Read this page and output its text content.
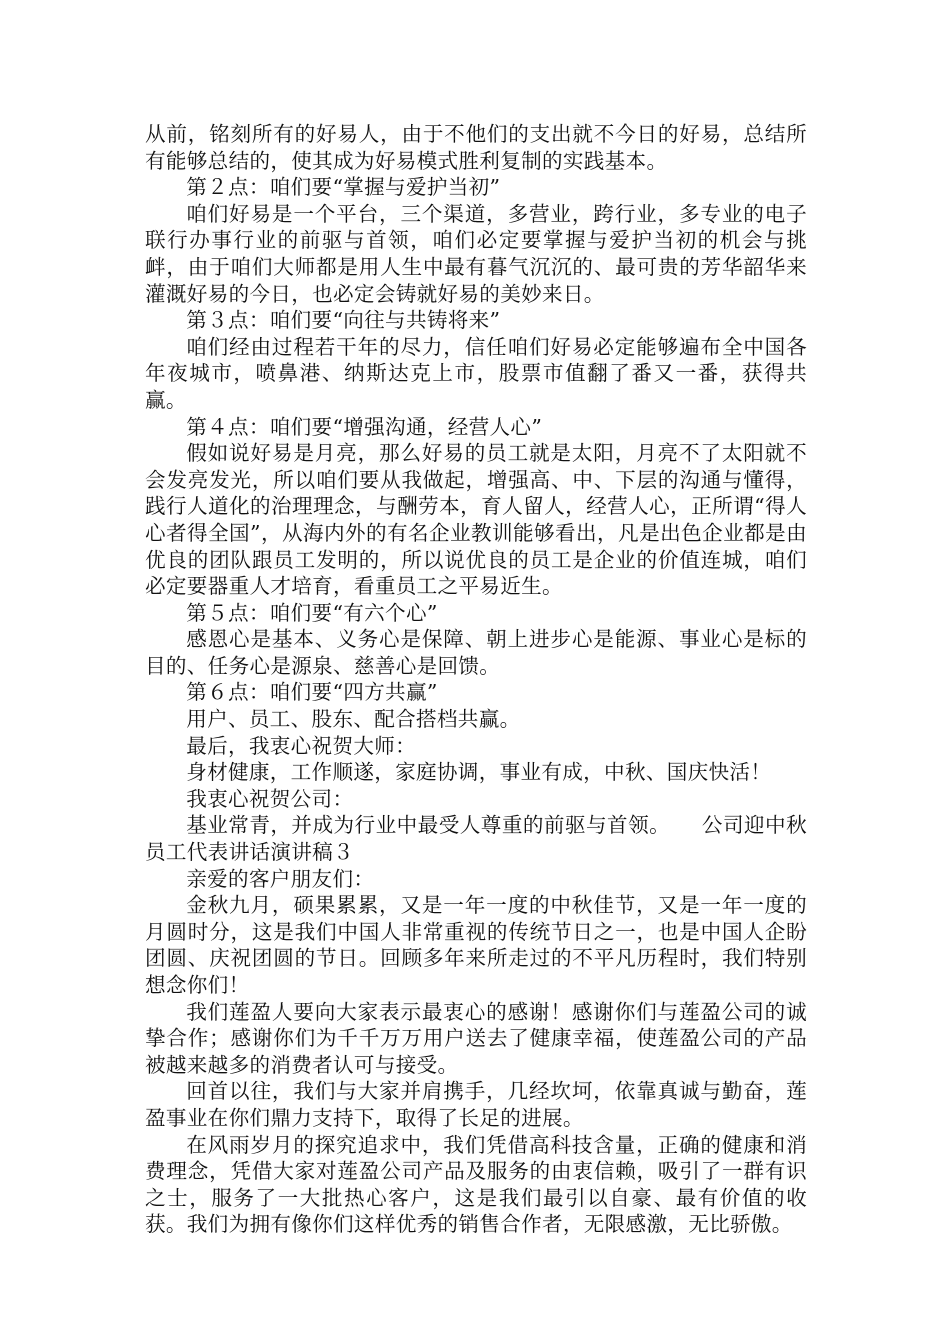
从前，铭刻所有的好易人，由于不他们的支出就不今日的好易，总结所有能够总结的，使其成为好易模式胜利复制的实践基本。

第２点：咱们要“掌握与爱护当初”

咱们好易是一个平台，三个渠道，多营业，跨行业，多专业的电子联行办事行业的前驱与首领，咱们必定要掌握与爱护当初的机会与挑衅，由于咱们大师都是用人生中最有暮气沉沉的、最可贵的芳华韶华来灌溉好易的今日，也必定会铸就好易的美妙来日。

第３点：咱们要“向往与共铸将来”

咱们经由过程若干年的尽力，信任咱们好易必定能够遍布全中国各年夜城市，喷鼻港、纳斯达克上市，股票市值翻了番又一番，获得共赢。

第４点：咱们要“增强沟通，经营人心”

假如说好易是月亮，那么好易的员工就是太阳，月亮不了太阳就不会发亮发光，所以咱们要从我做起，增强高、中、下层的沟通与懂得，践行人道化的治理理念，与酬劳本，育人留人，经营人心，正所谓“得人心者得全国”，从海内外的有名企业教训能够看出，凡是出色企业都是由优良的团队跟员工发明的，所以说优良的员工是企业的价值连城，咱们必定要器重人才培育，看重员工之平易近生。

第５点：咱们要“有六个心”

感恩心是基本、义务心是保障、朝上进步心是能源、事业心是标的目的、任务心是源泉、慈善心是回馈。

第６点：咱们要“四方共赢”

用户、员工、股东、配合搭档共赢。

最后，我衷心祝贺大师：

身材健康，工作顺遂，家庭协调，事业有成，中秋、国庆快活！

我衷心祝贺公司：

基业常青，并成为行业中最受人尊重的前驱与首领。　　公司迎中秋员工代表讲话演讲稿３

亲爱的客户朋友们：

金秋九月，硕果累累，又是一年一度的中秋佳节，又是一年一度的月圆时分，这是我们中国人非常重视的传统节日之一，也是中国人企盼团圆、庆祝团圆的节日。回顾多年来所走过的不平凡历程时，我们特别想念你们！

我们莲盈人要向大家表示最衷心的感谢！感谢你们与莲盈公司的诚挚合作；感谢你们为千千万万用户送去了健康幸福，使莲盈公司的产品被越来越多的消费者认可与接受。

回首以往，我们与大家并肩携手，几经坎坷，依靠真诚与勤奋，莲盈事业在你们鼎力支持下，取得了长足的进展。

在风雨岁月的探究追求中，我们凭借高科技含量，正确的健康和消费理念，凭借大家对莲盈公司产品及服务的由衷信赖，吸引了一群有识之士，服务了一大批热心客户，这是我们最引以自豪、最有价值的收获。我们为拥有像你们这样优秀的销售合作者，无限感激，无比骄傲。
